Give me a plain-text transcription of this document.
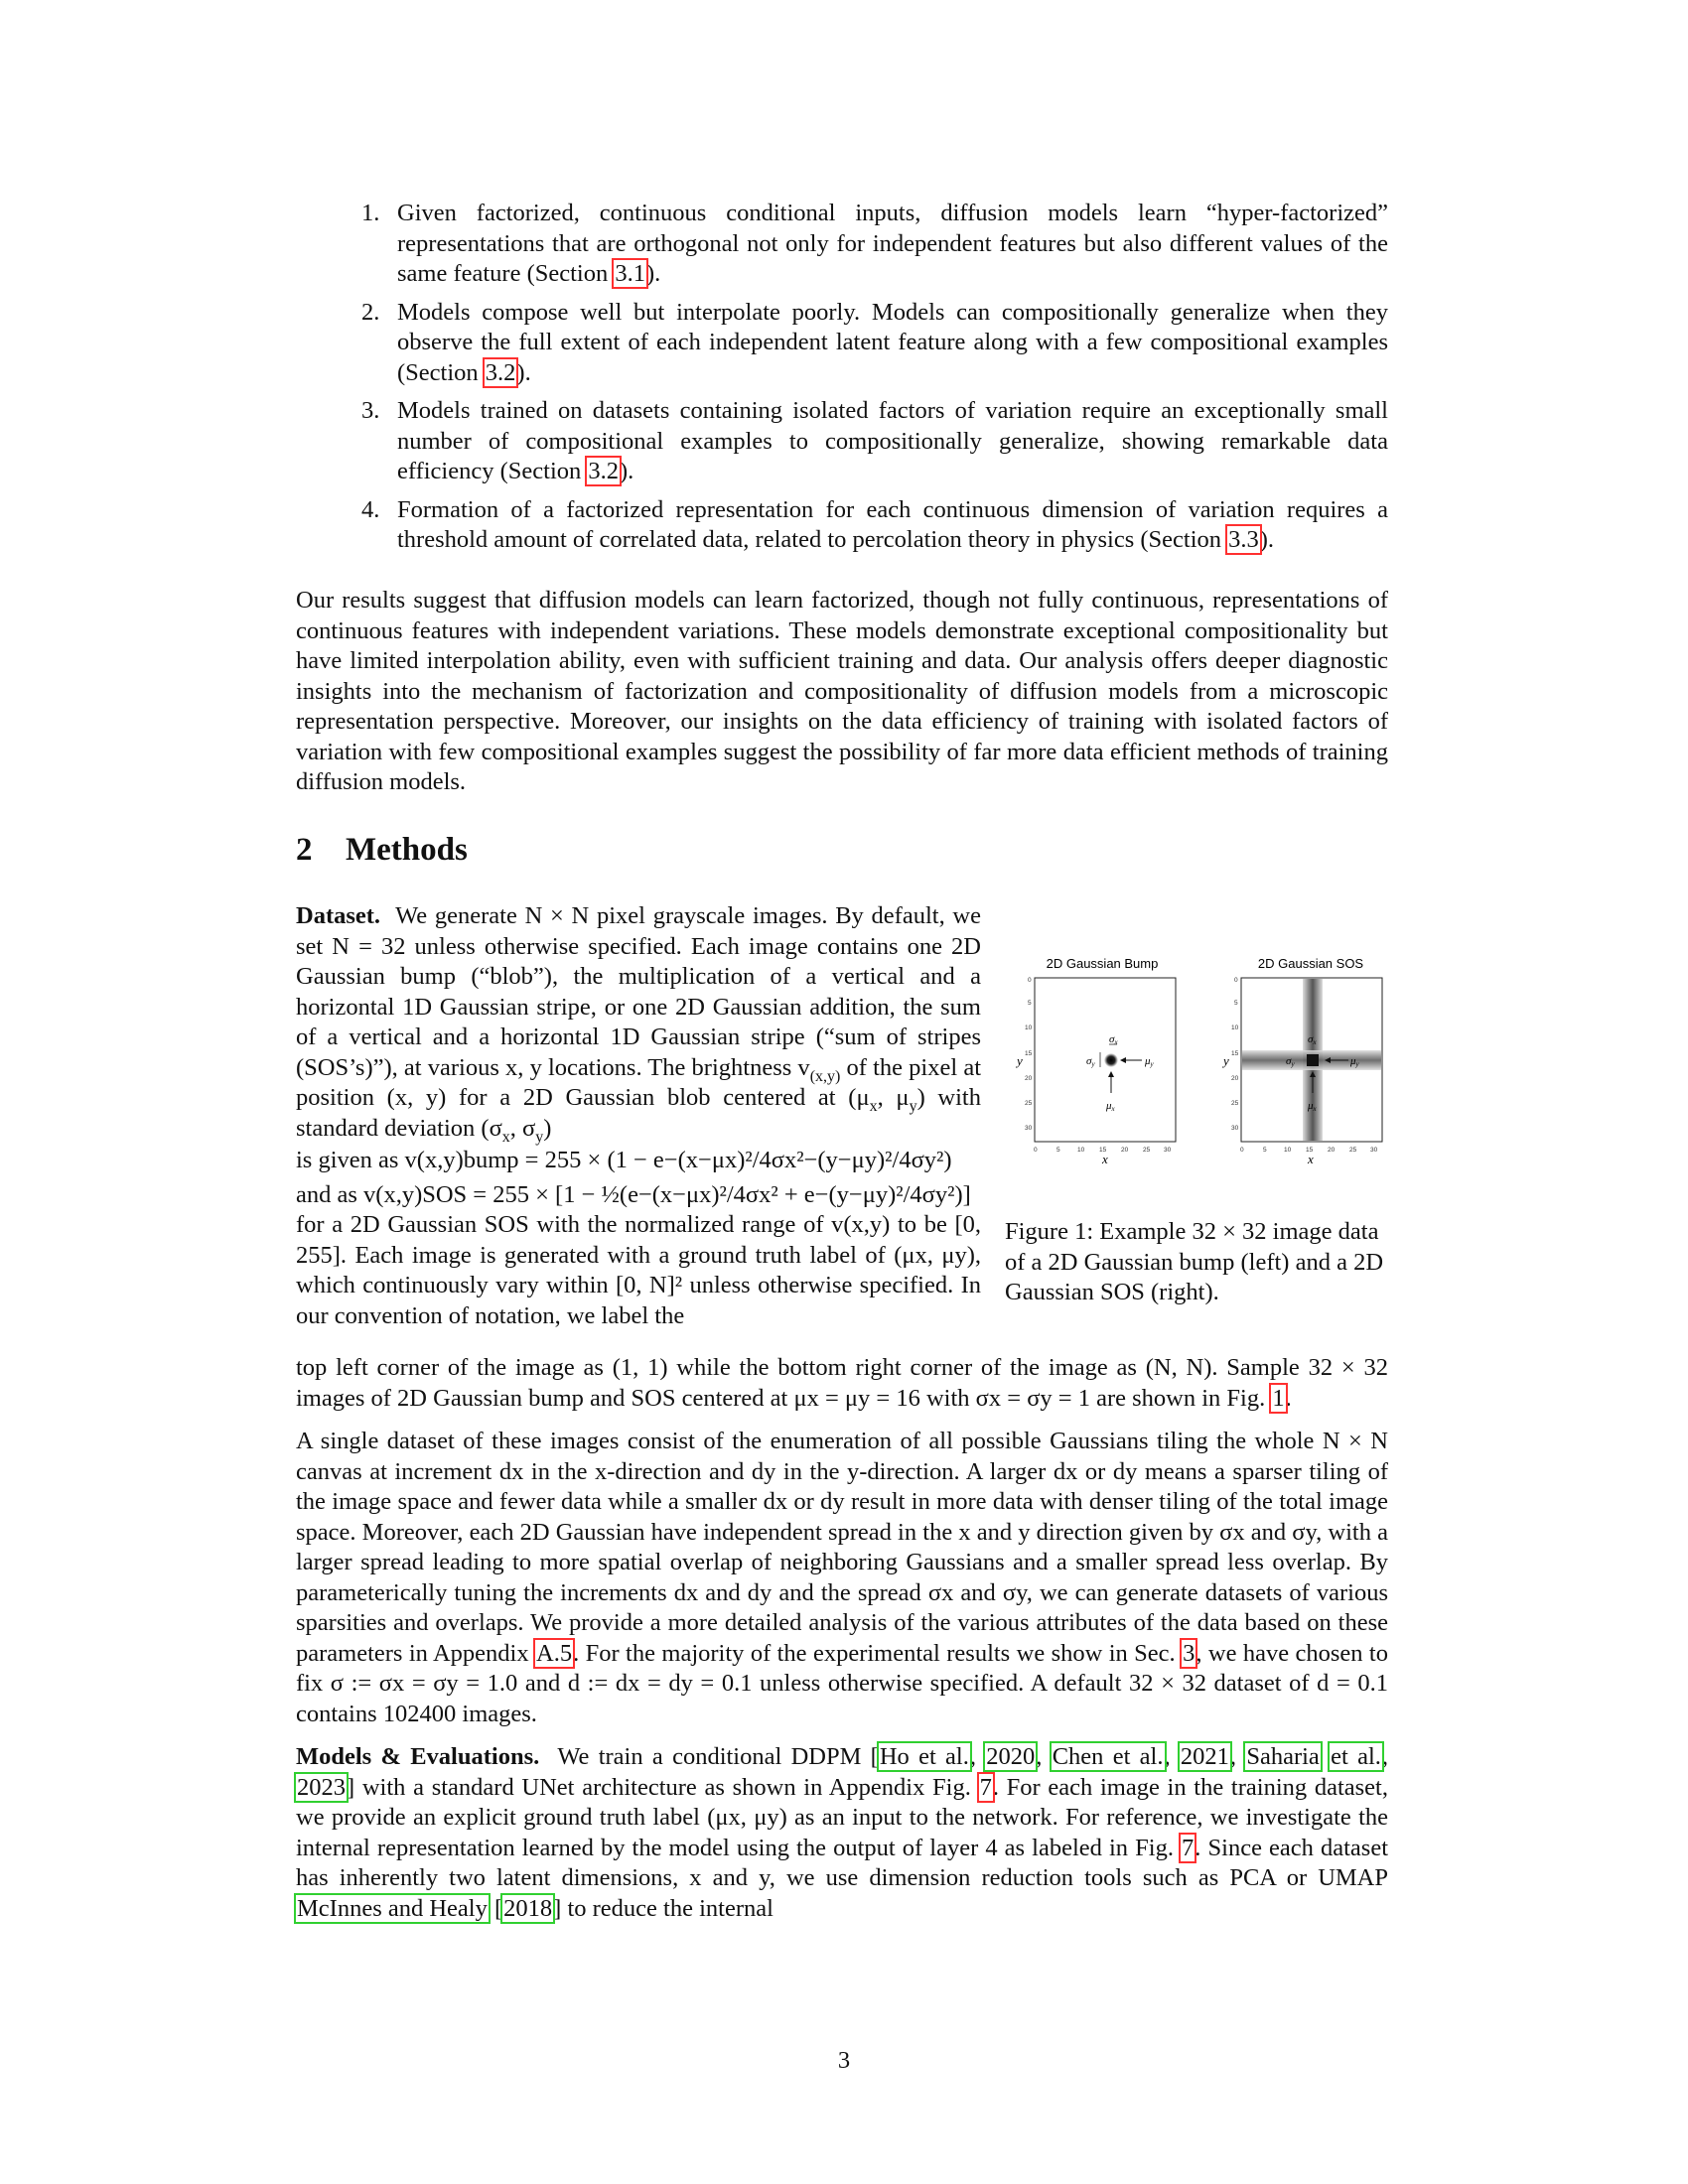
1. Given factorized, continuous conditional inputs, diffusion models learn “hyper-factorized” representations that are orthogonal not only for independent features but also different values of the same feature (Section 3.1).
2. Models compose well but interpolate poorly. Models can compositionally generalize when they observe the full extent of each independent latent feature along with a few compositional examples (Section 3.2).
3. Models trained on datasets containing isolated factors of variation require an exceptionally small number of compositional examples to compositionally generalize, showing remarkable data efficiency (Section 3.2).
4. Formation of a factorized representation for each continuous dimension of variation requires a threshold amount of correlated data, related to percolation theory in physics (Section 3.3).

Our results suggest that diffusion models can learn factorized, though not fully continuous, representations of continuous features with independent variations. These models demonstrate exceptional compositionality but have limited interpolation ability, even with sufficient training and data. Our analysis offers deeper diagnostic insights into the mechanism of factorization and compositionality of diffusion models from a microscopic representation perspective. Moreover, our insights on the data efficiency of training with isolated factors of variation with few compositional examples suggest the possibility of far more data efficient methods of training diffusion models.

2 Methods

Dataset. We generate N × N pixel grayscale images. By default, we set N = 32 unless otherwise specified. Each image contains one 2D Gaussian bump (“blob”), the multiplication of a vertical and a horizontal 1D Gaussian stripe, or one 2D Gaussian addition, the sum of a vertical and a horizontal 1D Gaussian stripe (“sum of stripes (SOS’s)”), at various x, y locations. The brightness $v_{(x,y)}$ of the pixel at position (x, y) for a 2D Gaussian blob centered at ($\mu_x$, $\mu_y$) with standard deviation ($\sigma_x$, $\sigma_y$)

is given as v(x,y)bump = 255 × (1 − e−(x−μx)²/4σx²−(y−μy)²/4σy²)

and as v(x,y)SOS = 255 × [1 − ½(e−(x−μx)²/4σx² + e−(y−μy)²/4σy²)]

for a 2D Gaussian SOS with the normalized range of v(x,y) to be [0, 255]. Each image is generated with a ground truth label of (μx, μy), which continuously vary within [0, N]² unless otherwise specified. In our convention of notation, we label the

2D Gaussian Bump
σx
σy	μy
μx
y
x
0	5	10 15 20 25 30
0
5
10
15
20
25
30
2D Gaussian SOS
σx
σy	μy
μx
y
x
0	5	10 15 20 25 30
0
5
10
15
20
25
30
Figure 1: Example 32 × 32 image data of a 2D Gaussian bump (left) and a 2D Gaussian SOS (right).

top left corner of the image as (1, 1) while the bottom right corner of the image as (N, N). Sample 32 × 32 images of 2D Gaussian bump and SOS centered at μx = μy = 16 with σx = σy = 1 are shown in Fig. 1.

A single dataset of these images consist of the enumeration of all possible Gaussians tiling the whole N × N canvas at increment dx in the x-direction and dy in the y-direction. A larger dx or dy means a sparser tiling of the image space and fewer data while a smaller dx or dy result in more data with denser tiling of the total image space. Moreover, each 2D Gaussian have independent spread in the x and y direction given by σx and σy, with a larger spread leading to more spatial overlap of neighboring Gaussians and a smaller spread less overlap. By parameterically tuning the increments dx and dy and the spread σx and σy, we can generate datasets of various sparsities and overlaps. We provide a more detailed analysis of the various attributes of the data based on these parameters in Appendix A.5. For the majority of the experimental results we show in Sec. 3, we have chosen to fix σ := σx = σy = 1.0 and d := dx = dy = 0.1 unless otherwise specified. A default 32 × 32 dataset of d = 0.1 contains 102400 images.

Models & Evaluations. We train a conditional DDPM [Ho et al., 2020, Chen et al., 2021, Saharia et al., 2023] with a standard UNet architecture as shown in Appendix Fig. 7. For each image in the training dataset, we provide an explicit ground truth label (μx, μy) as an input to the network. For reference, we investigate the internal representation learned by the model using the output of layer 4 as labeled in Fig. 7. Since each dataset has inherently two latent dimensions, x and y, we use dimension reduction tools such as PCA or UMAP McInnes and Healy [2018] to reduce the internal

3
